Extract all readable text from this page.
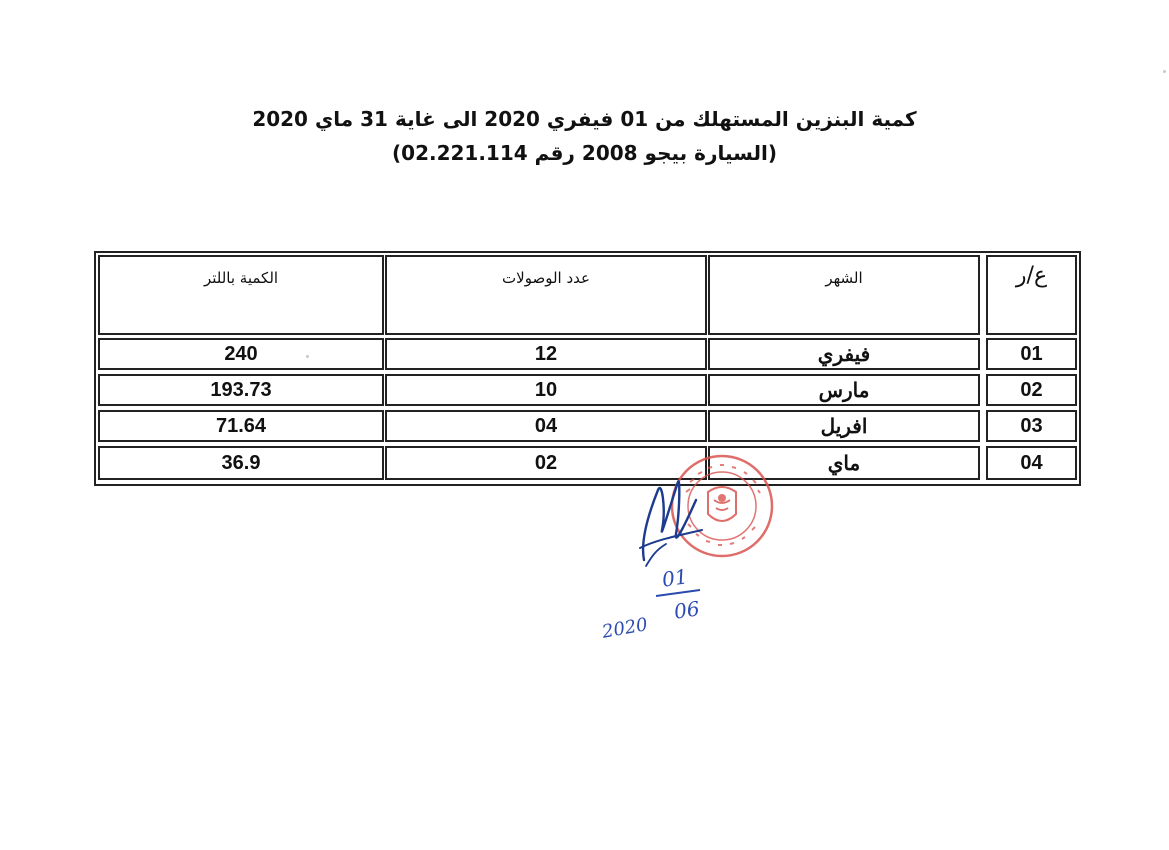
كمية البنزين المستهلك من 01 فيفري 2020 الى غاية 31 ماي 2020
(السيارة بيجو 2008 رقم 02.221.114)
ع/ر
الشهر
عدد الوصولات
الكمية باللتر
01
فيفري
12
240
02
مارس
10
193.73
03
افريل
04
71.64
04
ماي
02
36.9
01
06
2020
